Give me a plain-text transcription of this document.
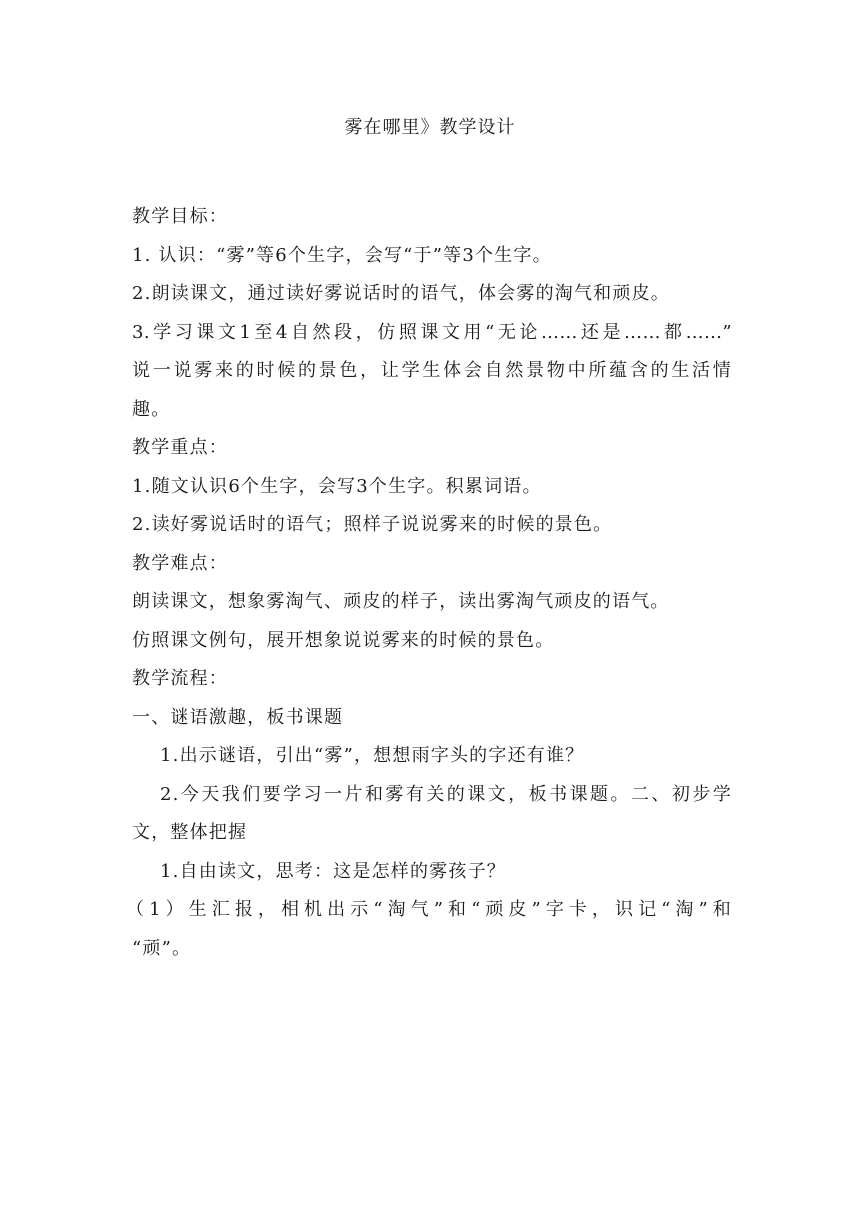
雾在哪里》教学设计
教学目标：
1. 认识：“雾”等6个生字，会写“于”等3个生字。
2.朗读课文，通过读好雾说话时的语气，体会雾的淘气和顽皮。
3.学习课文1至4自然段，仿照课文用“无论……还是……都……”
说一说雾来的时候的景色，让学生体会自然景物中所蕴含的生活情
趣。
教学重点：
1.随文认识6个生字，会写3个生字。积累词语。
2.读好雾说话时的语气；照样子说说雾来的时候的景色。
教学难点：
朗读课文，想象雾淘气、顽皮的样子，读出雾淘气顽皮的语气。
仿照课文例句，展开想象说说雾来的时候的景色。
教学流程：
一、谜语激趣，板书课题
1.出示谜语，引出“雾”，想想雨字头的字还有谁？
2.今天我们要学习一片和雾有关的课文，板书课题。二、初步学
文，整体把握
1.自由读文，思考：这是怎样的雾孩子？
（1）生汇报，相机出示“淘气”和“顽皮”字卡，识记“淘”和
“顽”。
